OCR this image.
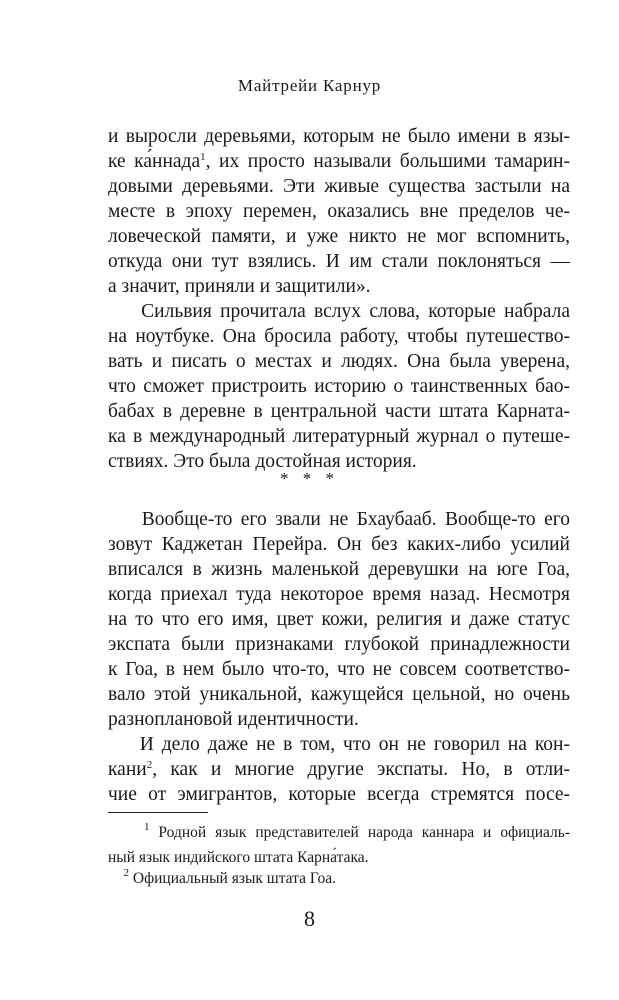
Майтрейи Карнур
и выросли деревьями, которым не было имени в язы-
ке ка́ннада$^1$, их просто называли большими тамарин-
довыми деревьями. Эти живые существа застыли на
месте в эпоху перемен, оказались вне пределов че-
ловеческой памяти, и уже никто не мог вспомнить,
откуда они тут взялись. И им стали поклоняться —
а значит, приняли и защитили».
Сильвия прочитала вслух слова, которые набрала
на ноутбуке. Она бросила работу, чтобы путешество-
вать и писать о местах и людях. Она была уверена,
что сможет пристроить историю о таинственных бао-
бабах в деревне в центральной части штата Карната-
ка в международный литературный журнал о путеше-
ствиях. Это была достойная история.
* * *
Вообще-то его звали не Бхаубааб. Вообще-то его
зовут Каджетан Перейра. Он без каких-либо усилий
вписался в жизнь маленькой деревушки на юге Гоа,
когда приехал туда некоторое время назад. Несмотря
на то что его имя, цвет кожи, религия и даже статус
экспата были признаками глубокой принадлежности
к Гоа, в нем было что-то, что не совсем соответство-
вало этой уникальной, кажущейся цельной, но очень
разноплановой идентичности.
И дело даже не в том, что он не говорил на кон-
кани$^2$, как и многие другие экспаты. Но, в отли-
чие от эмигрантов, которые всегда стремятся посе-
$^1$ Родной язык представителей народа каннара и официаль-
ный язык индийского штата Карна́така.
$^2$ Официальный язык штата Гоа.
8
